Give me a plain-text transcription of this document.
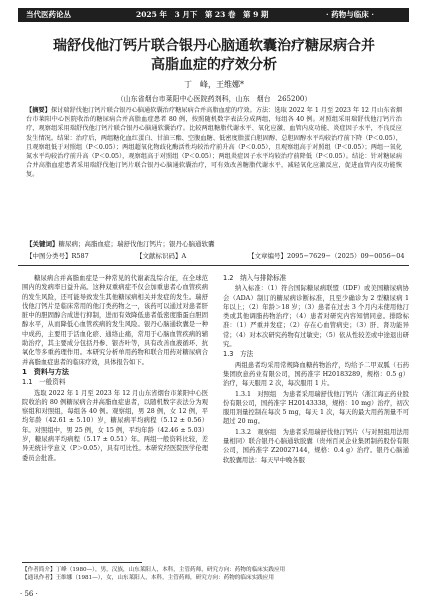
当代医药论丛	2025 年　3 月下　第 23 卷　第 9 期	· 药物与临床 ·
瑞舒伐他汀钙片联合银丹心脑通软囊治疗糖尿病合并
高脂血症的疗效分析
丁　峰，王维娜*
（山东省烟台市莱阳中心医院药剂科，山东　烟台　265200）
【摘要】探讨瑞舒伐他汀钙片联合银丹心脑通软囊治疗糖尿病合并高脂血症的疗效。方法：选取 2022 年 1 月至 2023 年 12 月山东省烟台市莱阳中心医院收治的糖尿病合并高脂血症患者 80 例，按照随机数字表法分成两组，每组各 40 例。对照组采用瑞舒伐他汀钙片治疗，观察组采用瑞舒伐他汀钙片联合银丹心脑通软囊治疗。比较两组糖脂代谢水平、氧化应激、血管内皮功能、炎症因子水平，不良反应发生情况。结果：治疗后，两组糖化血红蛋白、甘油三酯、空腹血糖、低密度脂蛋白胆固醇、总胆固醇水平均较治疗前下降（P＜0.05），且观察组低于对照组（P＜0.05）；两组超氧化物歧化酶活性均较治疗前升高（P＜0.05），且观察组高于对照组（P＜0.05）；两组一氧化氮水平均较治疗前升高（P＜0.05），观察组高于对照组（P＜0.05）；两组炎症因子水平均较治疗前降低（P＜0.05）。结论：针对糖尿病合并高脂血症患者采用瑞舒伐他汀钙片联合银丹心脑通软囊治疗，可有效改善糖脂代谢水平，减轻氧化应激反应，促进血管内皮功能恢复。
【关键词】糖尿病；高脂血症；瑞舒伐他汀钙片；银丹心脑通软囊
【中图分类号】R587	【文献标识码】A	【文章编号】2095−7629−（2025）09−0056−04

糖尿病合并高脂血症是一种常见的代谢紊乱综合征，在全球范围内的发病率日益升高。这种双重病症不仅会加重患者心血管疾病的发生风险，还可能导致发生其他糖尿病相关并发症的发生。瑞舒伐他汀钙片是临床常用的他汀类药物之一，该药可以通过对患者肝脏中的胆固醇合成进行抑制，进而有效降低患者低密度脂蛋白胆固醇水平，从而降低心血管疾病的发生风险。银丹心脑通软囊是一种中成药，主要用于活血化瘀、通络止痛，常用于心脑血管疾病的辅助治疗，其主要成分包括丹参、银杏叶等，具有改善血液循环、抗氧化等多重药理作用。本研究分析单用药物和联合用药对糖尿病合并高脂血症患者的临床疗效，具体报告如下。

1　资料与方法

1.1　一般资料

选取 2022 年 1 月至 2023 年 12 月山东省烟台市莱阳中心医院收治的 80 例糖尿病合并高脂血症患者，以随机数字表法分为观察组和对照组，每组各 40 例。观察组，男 28 例，女 12 例，平均年龄（42.61 ± 5.10）岁，糖尿病平均病程（5.12 ± 0.56）年。对照组中，男 25 例，女 15 例，平均年龄（42.46 ± 5.03）岁，糖尿病平均病程（5.17 ± 0.51）年。两组一般资料比较，差异无统计学意义（P＞0.05），具有可比性。本研究经医院医学伦理委员会批准。

1.2　纳入与排除标准

纳入标准：（1）符合国际糖尿病联盟（IDF）或美国糖尿病协会（ADA）制订的糖尿病诊断标准，且至少确诊为 2 型糖尿病 1 年以上；（2）年龄＞18 岁；（3）患者在过去 3 个月内未使用他汀类或其他调脂药物治疗；（4）患者对研究内容知情同意。排除标准：（1）严重并发症；（2）存在心血管病史；（3）肝、肾功能异常；（4）对本次研究药物有过敏史；（5）依从性较差或中途退出研究。

1.3　方法

两组患者均采用常规降血糖药物治疗，均给予二甲双胍（石药集团欧意药业有限公司，国药准字 H20183289，规格：0.5 g）治疗，每天服用 2 次，每次服用 1 片。

1.3.1　对照组　为患者采用瑞舒伐他汀钙片（浙江海正药业股份有限公司，国药准字 H20143338，规格：10 mg）治疗，初次服用剂量控制在每次 5 mg，每天 1 次，每天的最大用药剂量不可超过 20 mg。

1.3.2　观察组　为患者采用瑞舒伐他汀钙片（与对照组用法用量相同）联合银丹心脑通软胶囊（贵州百灵企业集团制药股份有限公司，国药准字 Z20027144，规格：0.4 g）治疗。银丹心脑通软胶囊用法：每天早中晚各服

【作者简介】丁峰（1980—），男，汉族，山东莱阳人，本科，主管药师，研究方向：药物的临床实践应用
【通讯作者】王维娜（1981—），女，山东莱阳人，本科，主管药师，研究方向：药物的临床实践应用
· 56 ·
